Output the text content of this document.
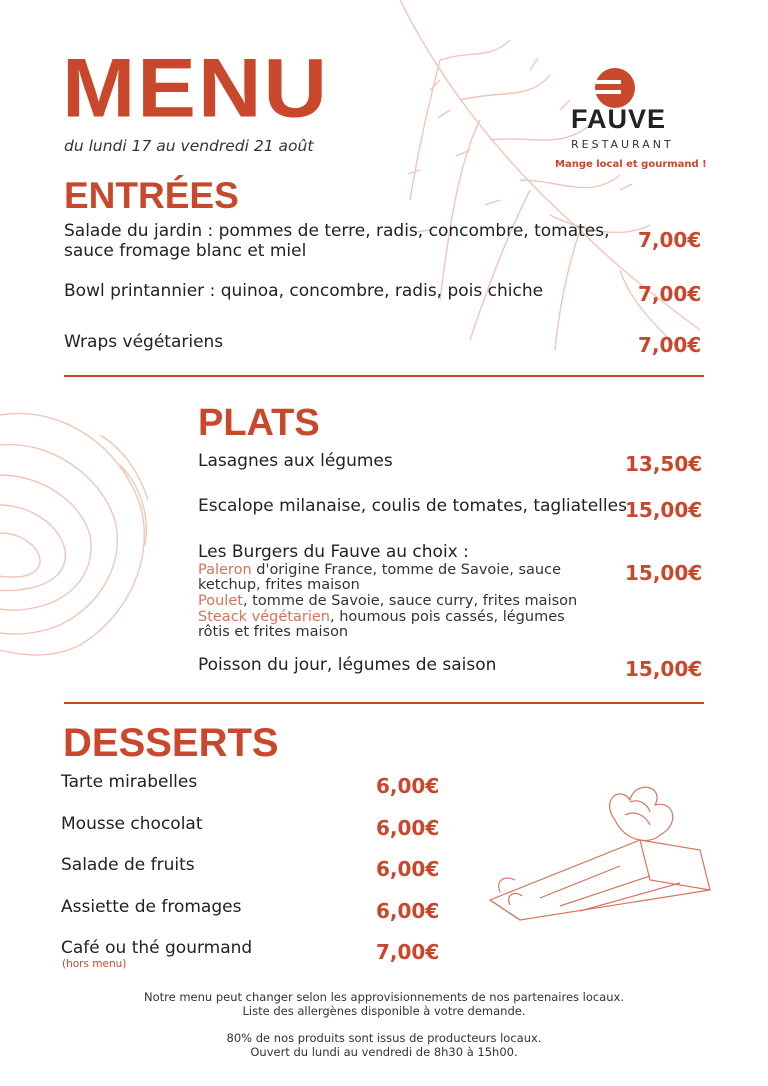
MENU
du lundi 17 au vendredi 21 août
FAUVE
RESTAURANT
Mange local et gourmand !
ENTRÉES
Salade du jardin : pommes de terre, radis, concombre, tomates,
sauce fromage blanc et miel	7,00€
Bowl printannier : quinoa, concombre, radis, pois chiche	7,00€
Wraps végétariens	7,00€
PLATS
Lasagnes aux légumes	13,50€
Escalope milanaise, coulis de tomates, tagliatelles
15,00€
Les Burgers du Fauve au choix :
Paleron d'origine France, tomme de Savoie, sauce
ketchup, frites maison
Poulet, tomme de Savoie, sauce curry, frites maison
Steack végétarien, houmous pois cassés, légumes
rôtis et frites maison
15,00€
Poisson du jour, légumes de saison	15,00€
DESSERTS
Tarte mirabelles	6,00€
Mousse chocolat	6,00€
Salade de fruits	6,00€
Assiette de fromages	6,00€
Café ou thé gourmand
(hors menu)	7,00€
Notre menu peut changer selon les approvisionnements de nos partenaires locaux.
Liste des allergènes disponible à votre demande.
80% de nos produits sont issus de producteurs locaux.
Ouvert du lundi au vendredi de 8h30 à 15h00.
